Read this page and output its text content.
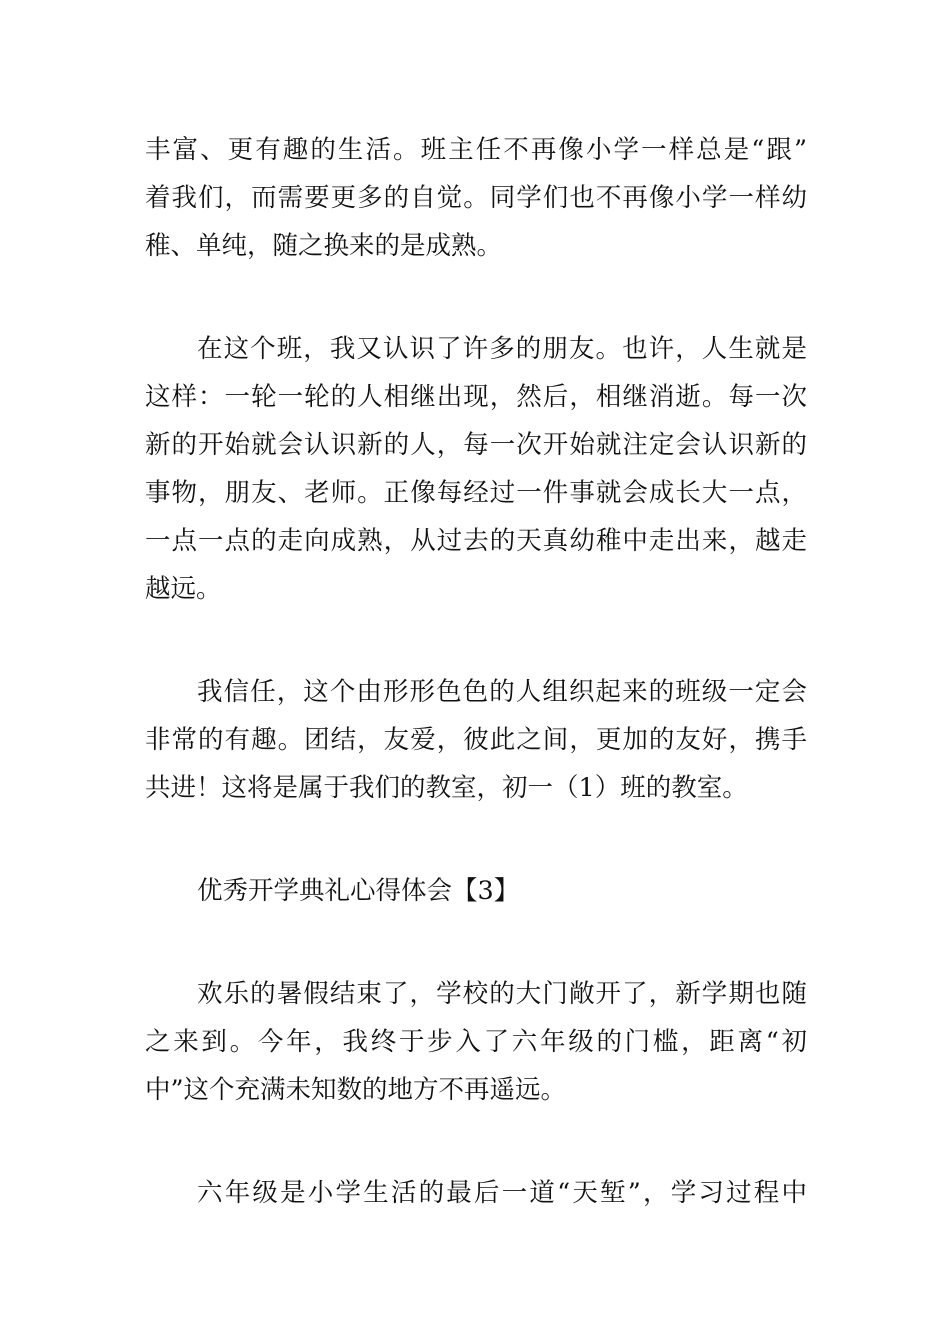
丰富、更有趣的生活。班主任不再像小学一样总是“跟”
着我们，而需要更多的自觉。同学们也不再像小学一样幼
稚、单纯，随之换来的是成熟。
在这个班，我又认识了许多的朋友。也许，人生就是
这样：一轮一轮的人相继出现，然后，相继消逝。每一次
新的开始就会认识新的人，每一次开始就注定会认识新的
事物，朋友、老师。正像每经过一件事就会成长大一点，
一点一点的走向成熟，从过去的天真幼稚中走出来，越走
越远。
我信任，这个由形形色色的人组织起来的班级一定会
非常的有趣。团结，友爱，彼此之间，更加的友好，携手
共进！这将是属于我们的教室，初一（1）班的教室。
优秀开学典礼心得体会【3】
欢乐的暑假结束了，学校的大门敞开了，新学期也随
之来到。今年，我终于步入了六年级的门槛，距离“初
中”这个充满未知数的地方不再遥远。
六年级是小学生活的最后一道“天堑”，学习过程中
